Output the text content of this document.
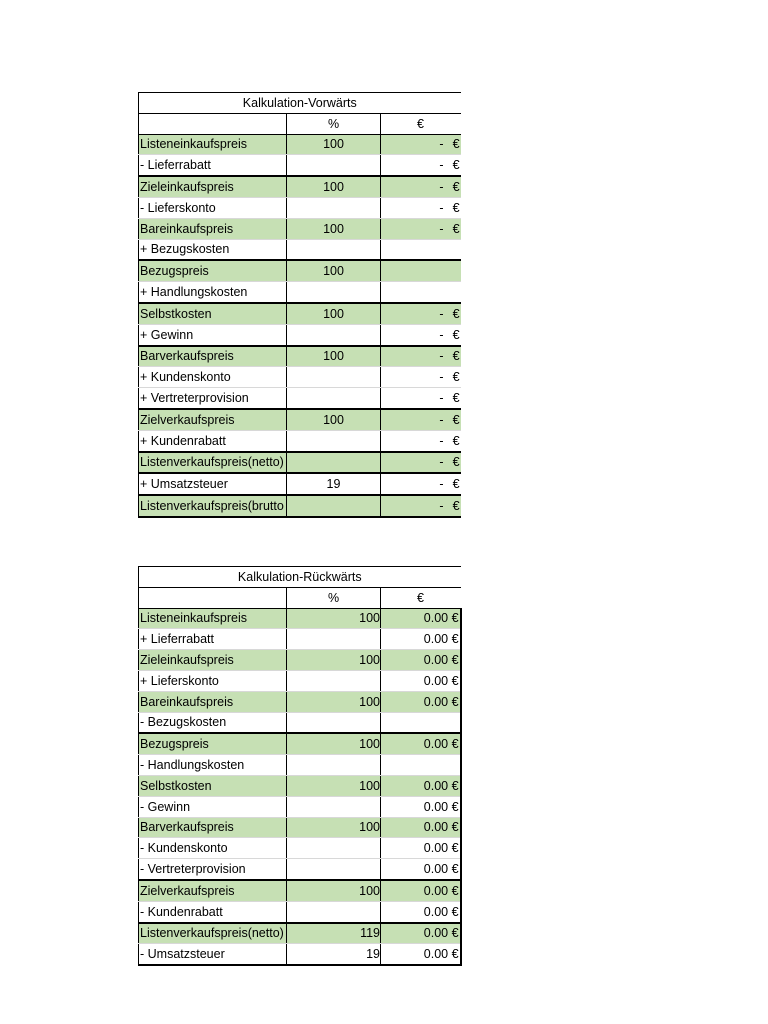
Kalkulation-Vorwärts		
	%	€
Listeneinkaufspreis	100	- €

- Lieferrabatt		- €

Zieleinkaufspreis	100	- €

- Lieferskonto		- €

Bareinkaufspreis	100	- €

+ Bezugskosten		
Bezugspreis	100	
+ Handlungskosten		
Selbstkosten	100	- €

+ Gewinn		- €

Barverkaufspreis	100	- €

+ Kundenskonto		- €

+ Vertreterprovision		- €

Zielverkaufspreis	100	- €

+ Kundenrabatt		- €

Listenverkaufspreis(netto)		- €

+ Umsatzsteuer	19	- €

Listenverkaufspreis(brutto		- €
Kalkulation-Rückwärts		
	%	€
Listeneinkaufspreis	100	0.00 €
+ Lieferrabatt		0.00 €
Zieleinkaufspreis	100	0.00 €
+ Lieferskonto		0.00 €
Bareinkaufspreis	100	0.00 €
- Bezugskosten		
Bezugspreis	100	0.00 €
- Handlungskosten		
Selbstkosten	100	0.00 €
- Gewinn		0.00 €
Barverkaufspreis	100	0.00 €
- Kundenskonto		0.00 €
- Vertreterprovision		0.00 €
Zielverkaufspreis	100	0.00 €
- Kundenrabatt		0.00 €
Listenverkaufspreis(netto)	119	0.00 €
- Umsatzsteuer	19	0.00 €
